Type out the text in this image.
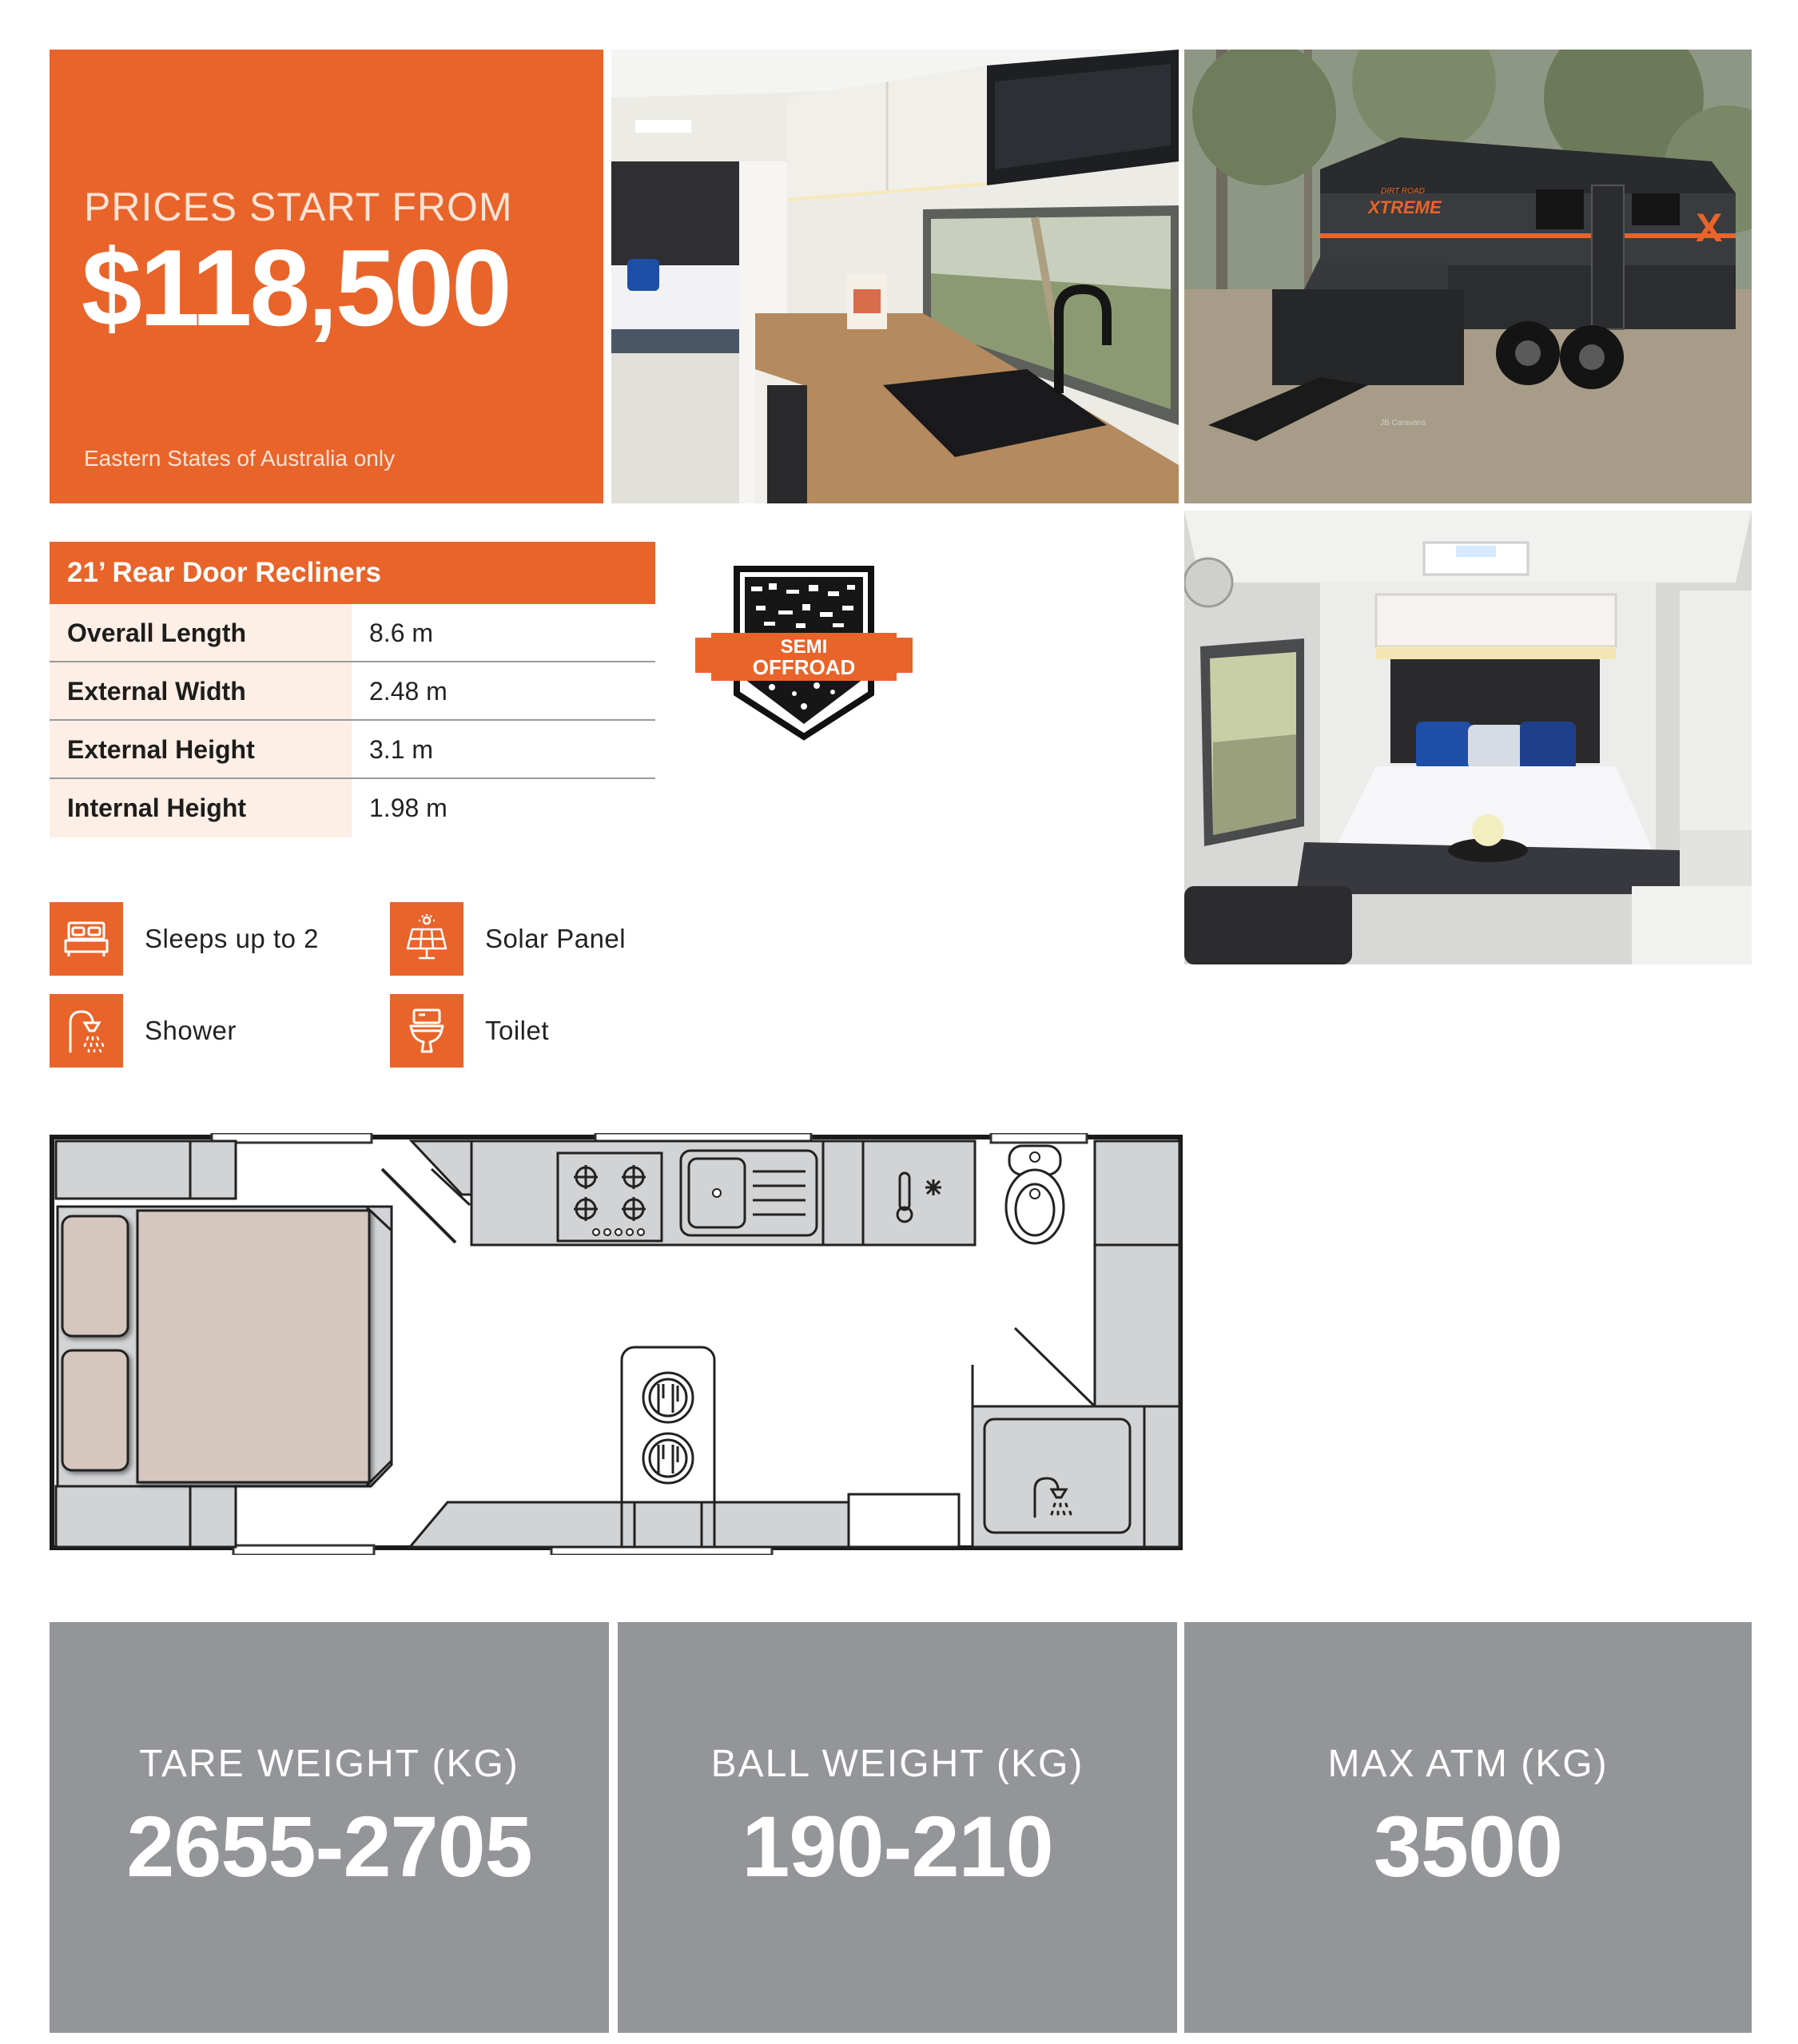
PRICES START FROM
$118,500
Eastern States of Australia only
X
XTREME
DIRT ROAD
JB Caravans
21’ Rear Door Recliners
Overall Length	8.6 m
External Width	2.48 m
External Height	3.1 m
Internal Height	1.98 m
SEMI
OFFROAD
Sleeps up to 2	Solar Panel
Shower	Toilet
TARE WEIGHT (KG)
2655-2705
BALL WEIGHT (KG)
190-210
MAX ATM (KG)
3500
